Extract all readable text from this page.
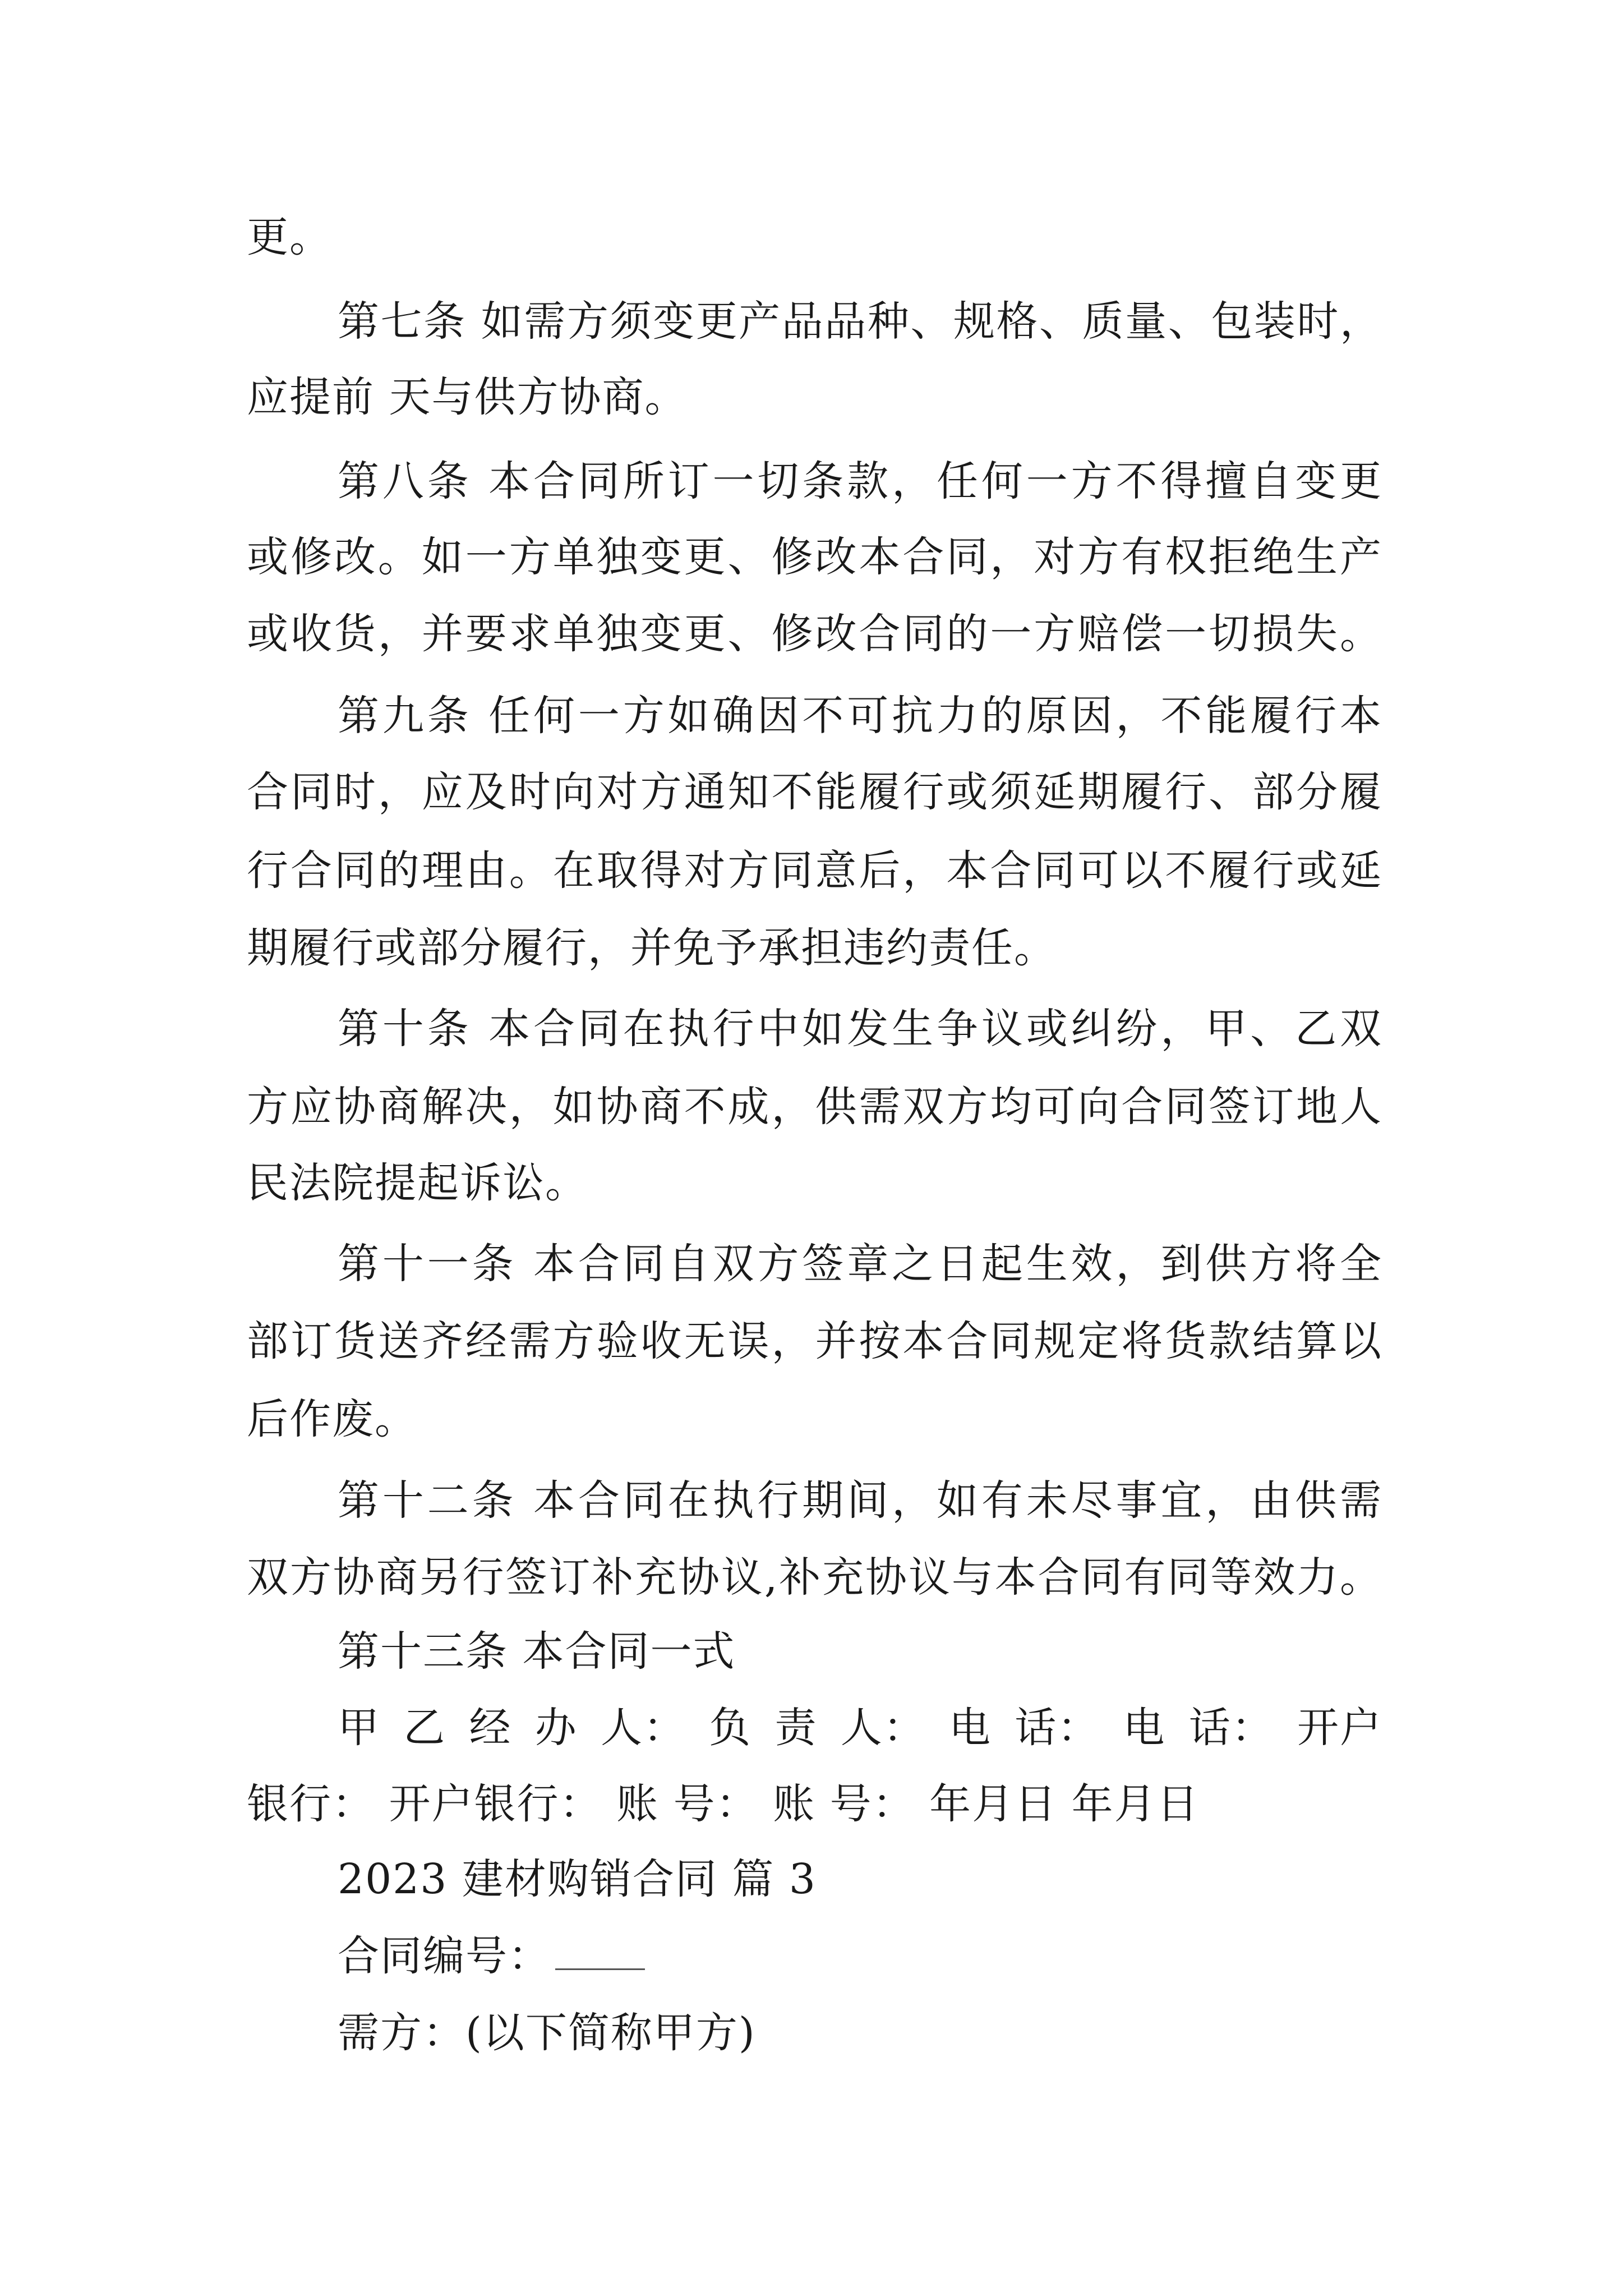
更。
第七条 如需方须变更产品品种、规格、质量、包装时，
应提前 天与供方协商。
第八条 本合同所订一切条款，任何一方不得擅自变更
或修改。如一方单独变更、修改本合同，对方有权拒绝生产
或收货，并要求单独变更、修改合同的一方赔偿一切损失。
第九条 任何一方如确因不可抗力的原因，不能履行本
合同时，应及时向对方通知不能履行或须延期履行、部分履
行合同的理由。在取得对方同意后，本合同可以不履行或延
期履行或部分履行，并免予承担违约责任。
第十条 本合同在执行中如发生争议或纠纷，甲、乙双
方应协商解决，如协商不成，供需双方均可向合同签订地人
民法院提起诉讼。
第十一条 本合同自双方签章之日起生效，到供方将全
部订货送齐经需方验收无误，并按本合同规定将货款结算以
后作废。
第十二条 本合同在执行期间，如有未尽事宜，由供需
双方协商另行签订补充协议,补充协议与本合同有同等效力。
第十三条 本合同一式
甲 乙 经 办 人： 负 责 人： 电 话： 电 话： 开户
银行： 开户银行： 账 号： 账 号： 年月日 年月日
2023 建材购销合同 篇 3
合同编号：
需方：(以下简称甲方)
